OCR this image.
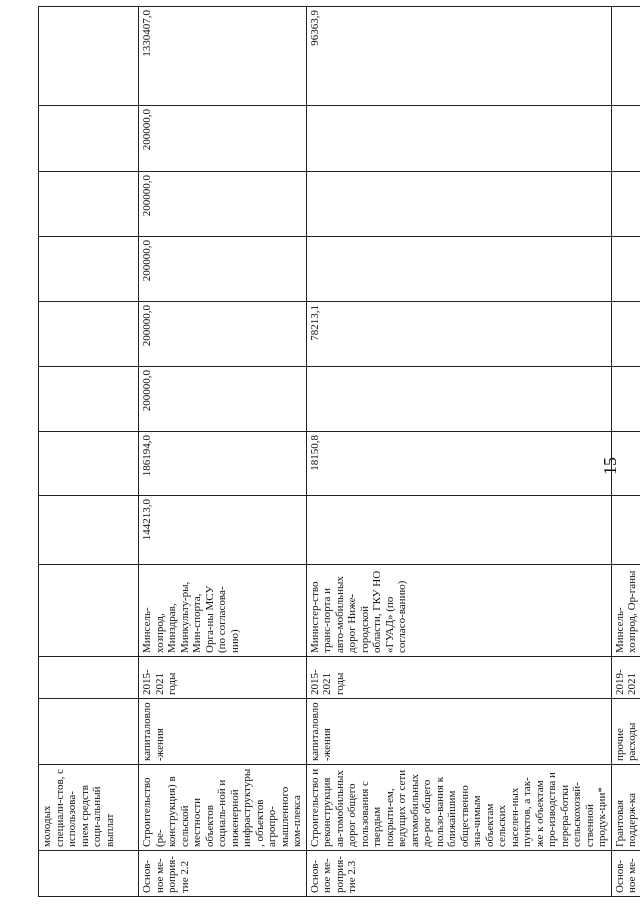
15
	молодых специали-стов, с использова-нием средств соци-альный выплат											
Основ-ное ме-роприя-тие 2.2	Строительство (ре-конструкция) в сельской местности объектов социаль-ной и инженерной инфраструктуры, объектов агропро-мышленного ком-плекса	капиталовло-жения	2015-2021 годы	Минсель-хозпрод, Минздрав, Минкульту-ры, Мин-спорта, Орга-ны МСУ (по согласова-нию)	144213,0	186194,0	200000,0	200000,0	200000,0	200000,0	200000,0	1330407,0
Основ-ное ме-роприя-тие 2.3	Строительство и реконструкция ав-томобильных дорог общего пользования с твердым покрыти-ем, ведущих от сети автомобильных до-рог общего пользо-вания к ближайшим общественно зна-чимым объектам сельских населен-ных пунктов, а так-же к объектам про-изводства и перера-ботки сельскохозяй-ственной продук-ции*	капиталовло-жения	2015-2021 годы	Министер-ство транс-порта и авто-мобильных дорог Ниже-городской области, ГКУ НО «ГУАД» (по согласо-ванию)		18150,8		78213,1				96363,9
Основ-ное ме-	Грантовая поддерж-ка	прочие расходы	2019-2021	Минсель-хозпрод, Ор-ганы								
